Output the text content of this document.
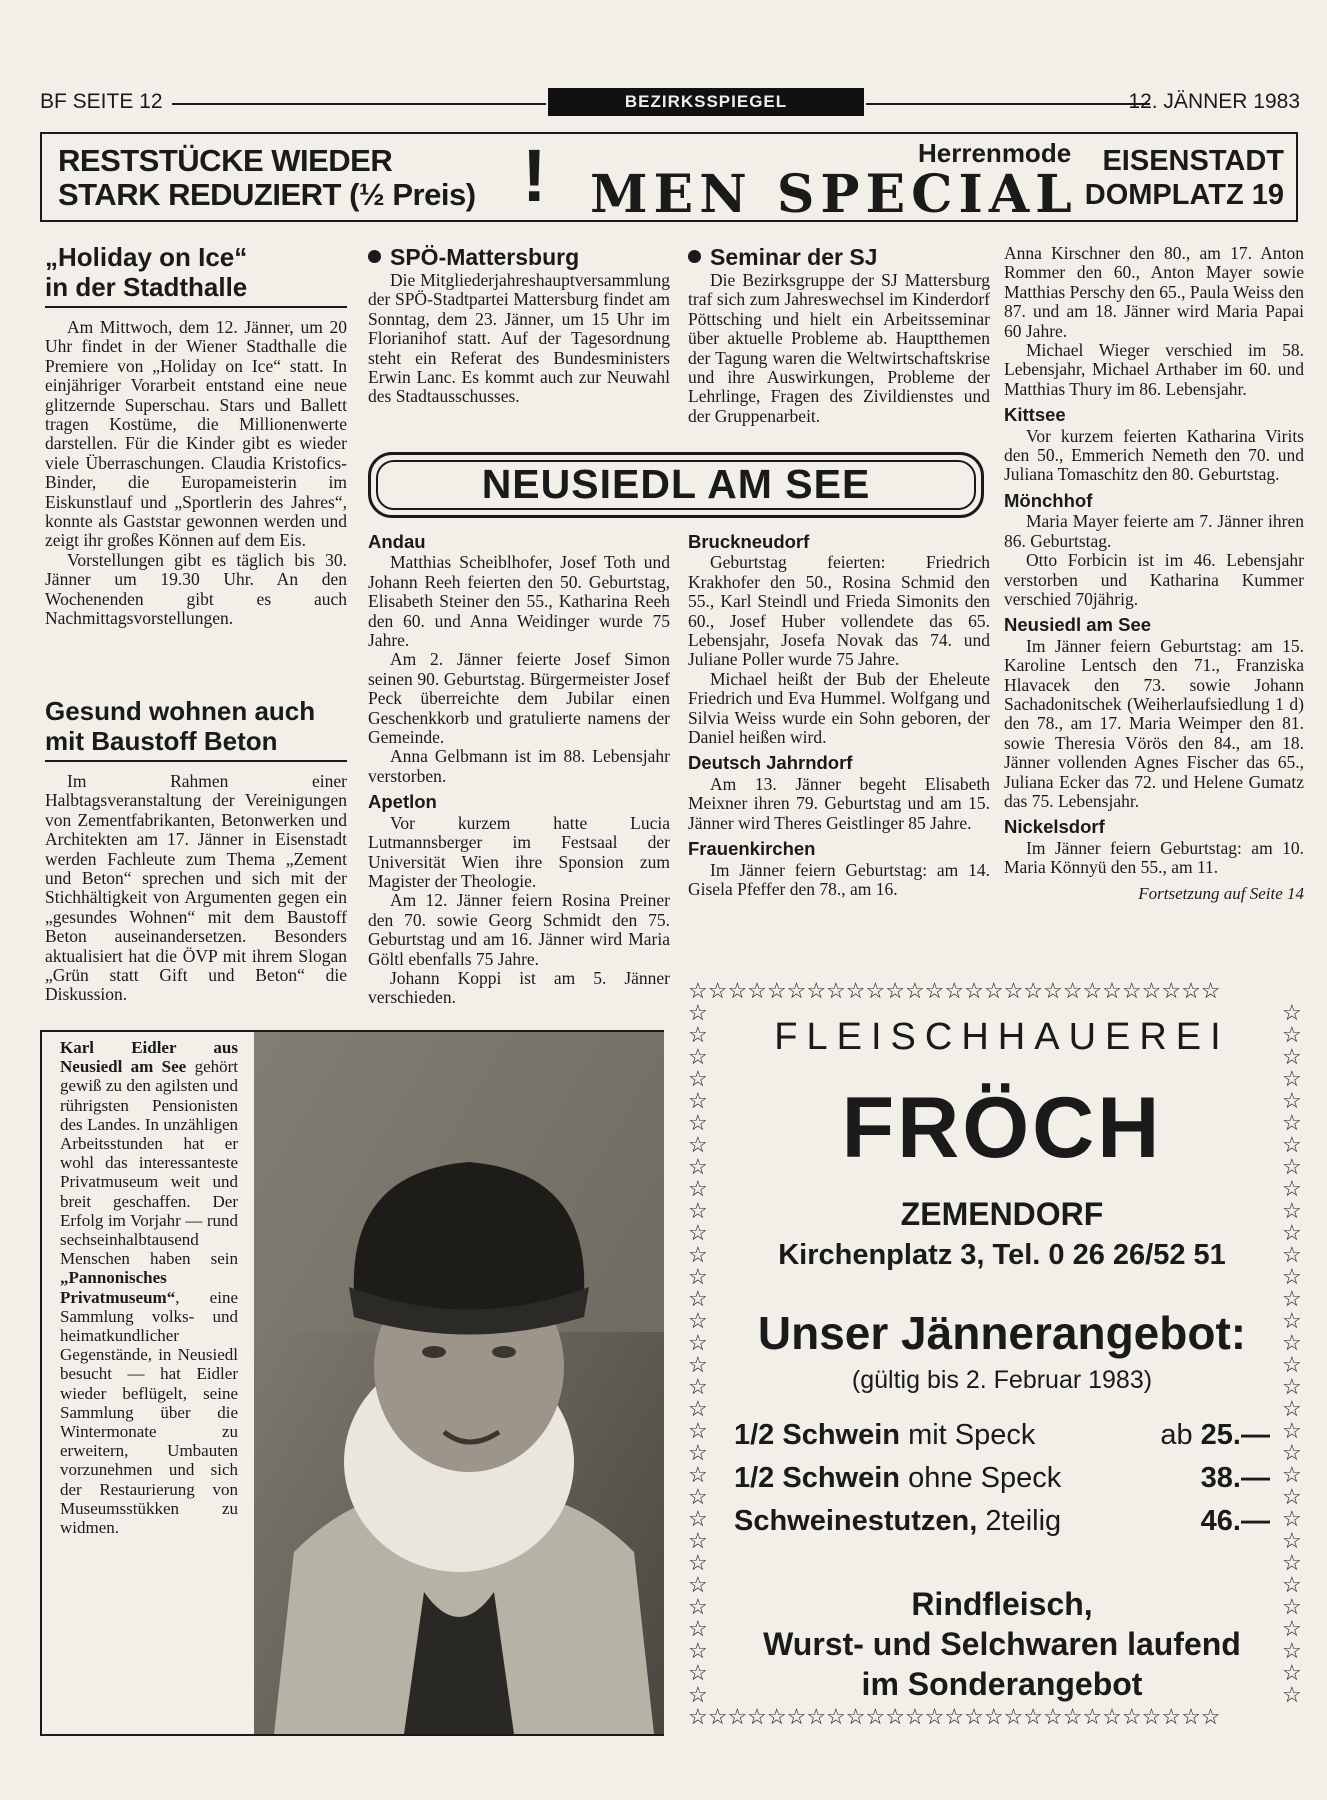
BF SEITE 12	BEZIRKSSPIEGEL	12. JÄNNER 1983
RESTSTÜCKE WIEDER
STARK REDUZIERT (½ Preis) !	Herrenmode
MEN SPECIAL
EISENSTADT
DOMPLATZ 19
„Holiday on Ice“
in der Stadthalle

Am Mittwoch, dem 12. Jänner, um 20 Uhr findet in der Wiener Stadthalle die Premiere von „Holiday on Ice“ statt. In einjähriger Vorarbeit entstand eine neue glitzernde Superschau. Stars und Ballett tragen Kostüme, die Millionenwerte darstellen. Für die Kinder gibt es wieder viele Überraschungen. Claudia Kristofics-Binder, die Europameisterin im Eiskunstlauf und „Sportlerin des Jahres“, konnte als Gaststar gewonnen werden und zeigt ihr großes Können auf dem Eis.

Vorstellungen gibt es täglich bis 30. Jänner um 19.30 Uhr. An den Wochenenden gibt es auch Nachmittagsvorstellungen.

Gesund wohnen auch
mit Baustoff Beton

Im Rahmen einer Halbtagsveranstaltung der Vereinigungen von Zementfabrikanten, Betonwerken und Architekten am 17. Jänner in Eisenstadt werden Fachleute zum Thema „Zement und Beton“ sprechen und sich mit der Stichhältigkeit von Argumenten gegen ein „gesundes Wohnen“ mit dem Baustoff Beton auseinandersetzen. Besonders aktualisiert hat die ÖVP mit ihrem Slogan „Grün statt Gift und Beton“ die Diskussion.

SPÖ-Mattersburg

Die Mitgliederjahreshauptversammlung der SPÖ-Stadtpartei Mattersburg findet am Sonntag, dem 23. Jänner, um 15 Uhr im Florianihof statt. Auf der Tagesordnung steht ein Referat des Bundesministers Erwin Lanc. Es kommt auch zur Neuwahl des Stadtausschusses.

Seminar der SJ

Die Bezirksgruppe der SJ Mattersburg traf sich zum Jahreswechsel im Kinderdorf Pöttsching und hielt ein Arbeitsseminar über aktuelle Probleme ab. Hauptthemen der Tagung waren die Weltwirtschaftskrise und ihre Auswirkungen, Probleme der Lehrlinge, Fragen des Zivildienstes und der Gruppenarbeit.

NEUSIEDL AM SEE
Andau

Matthias Scheiblhofer, Josef Toth und Johann Reeh feierten den 50. Geburtstag, Elisabeth Steiner den 55., Katharina Reeh den 60. und Anna Weidinger wurde 75 Jahre.

Am 2. Jänner feierte Josef Simon seinen 90. Geburtstag. Bürgermeister Josef Peck überreichte dem Jubilar einen Geschenkkorb und gratulierte namens der Gemeinde.

Anna Gelbmann ist im 88. Lebensjahr verstorben.

Apetlon

Vor kurzem hatte Lucia Lutmannsberger im Festsaal der Universität Wien ihre Sponsion zum Magister der Theologie.

Am 12. Jänner feiern Rosina Preiner den 70. sowie Georg Schmidt den 75. Geburtstag und am 16. Jänner wird Maria Göltl ebenfalls 75 Jahre.

Johann Koppi ist am 5. Jänner verschieden.

Bruckneudorf

Geburtstag feierten: Friedrich Krakhofer den 50., Rosina Schmid den 55., Karl Steindl und Frieda Simonits den 60., Josef Huber vollendete das 65. Lebensjahr, Josefa Novak das 74. und Juliane Poller wurde 75 Jahre.

Michael heißt der Bub der Eheleute Friedrich und Eva Hummel. Wolfgang und Silvia Weiss wurde ein Sohn geboren, der Daniel heißen wird.

Deutsch Jahrndorf

Am 13. Jänner begeht Elisabeth Meixner ihren 79. Geburtstag und am 15. Jänner wird Theres Geistlinger 85 Jahre.

Frauenkirchen

Im Jänner feiern Geburtstag: am 14. Gisela Pfeffer den 78., am 16.

Anna Kirschner den 80., am 17. Anton Rommer den 60., Anton Mayer sowie Matthias Perschy den 65., Paula Weiss den 87. und am 18. Jänner wird Maria Papai 60 Jahre.

Michael Wieger verschied im 58. Lebensjahr, Michael Arthaber im 60. und Matthias Thury im 86. Lebensjahr.

Kittsee

Vor kurzem feierten Katharina Virits den 50., Emmerich Nemeth den 70. und Juliana Tomaschitz den 80. Geburtstag.

Mönchhof

Maria Mayer feierte am 7. Jänner ihren 86. Geburtstag.

Otto Forbicin ist im 46. Lebensjahr verstorben und Katharina Kummer verschied 70jährig.

Neusiedl am See

Im Jänner feiern Geburtstag: am 15. Karoline Lentsch den 71., Franziska Hlavacek den 73. sowie Johann Sachadonitschek (Weiherlaufsiedlung 1 d) den 78., am 17. Maria Weimper den 81. sowie Theresia Vörös den 84., am 18. Jänner vollenden Agnes Fischer das 65., Juliana Ecker das 72. und Helene Gumatz das 75. Lebensjahr.

Nickelsdorf

Im Jänner feiern Geburtstag: am 10. Maria Könnyü den 55., am 11.

Fortsetzung auf Seite 14
Karl Eidler aus Neusiedl am See gehört gewiß zu den agilsten und rührigsten Pensionisten des Landes. In unzähligen Arbeitsstunden hat er wohl das interessanteste Privatmuseum weit und breit geschaffen. Der Erfolg im Vorjahr — rund sechseinhalbtausend Menschen haben sein „Pannonisches Privatmuseum“, eine Sammlung volks- und heimatkundlicher Gegenstände, in Neusiedl besucht — hat Eidler wieder beflügelt, seine Sammlung über die Wintermonate zu erweitern, Umbauten vorzunehmen und sich der Restaurierung von Museumsstükken zu widmen.
☆☆☆☆☆☆☆☆☆☆☆☆☆☆☆☆☆☆☆☆☆☆☆☆☆☆☆
☆☆☆☆☆☆☆☆☆☆☆☆☆☆☆☆☆☆☆☆☆☆☆☆☆☆☆
☆☆☆☆☆☆☆☆☆☆☆☆☆☆☆☆☆☆☆☆☆☆☆☆☆☆☆☆☆☆☆☆
☆☆☆☆☆☆☆☆☆☆☆☆☆☆☆☆☆☆☆☆☆☆☆☆☆☆☆☆☆☆☆☆
FLEISCHHAUEREI
FRÖCH
ZEMENDORF
Kirchenplatz 3, Tel. 0 26 26/52 51
Unser Jännerangebot:
(gültig bis 2. Februar 1983)
1/2 Schwein mit Speck	ab 25.—
1/2 Schwein ohne Speck	38.—
Schweinestutzen, 2teilig	46.—
Rindfleisch,
Wurst- und Selchwaren laufend
im Sonderangebot
